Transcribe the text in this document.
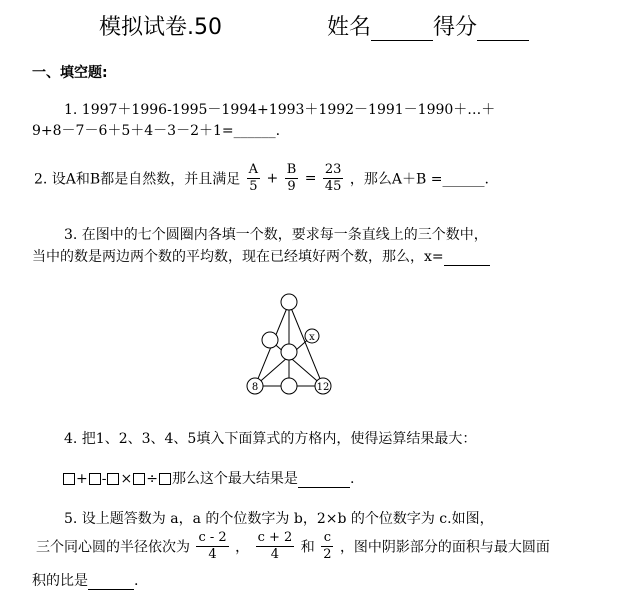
模拟试卷.50	姓名	得分
一、填空题:
1. 1997＋1996-1995－1994+1993＋1992－1991－1990＋…＋
9+8－7－6＋5＋4－3－2＋1=______.
2. 设A和B都是自然数，并且满足 $\frac{A}{5} + \frac{B}{9} = \frac{23}{45}$ ，那么A＋B =______.
3. 在图中的七个圆圈内各填一个数，要求每一条直线上的三个数中，
当中的数是两边两个数的平均数，现在已经填好两个数，那么，x=
x
8	12
4. 把1、2、3、4、5填入下面算式的方格内，使得运算结果最大：
+ - × ÷ 那么这个最大结果是	.
5. 设上题答数为 a，a 的个位数字为 b，2×b 的个位数字为 c.如图，
三个同心圆的半径依次为 $\frac{c - 2}{4}$ ， $\frac{c + 2}{4}$ 和 $\frac{c}{2}$ ，图中阴影部分的面积与最大圆面
积的比是	.
